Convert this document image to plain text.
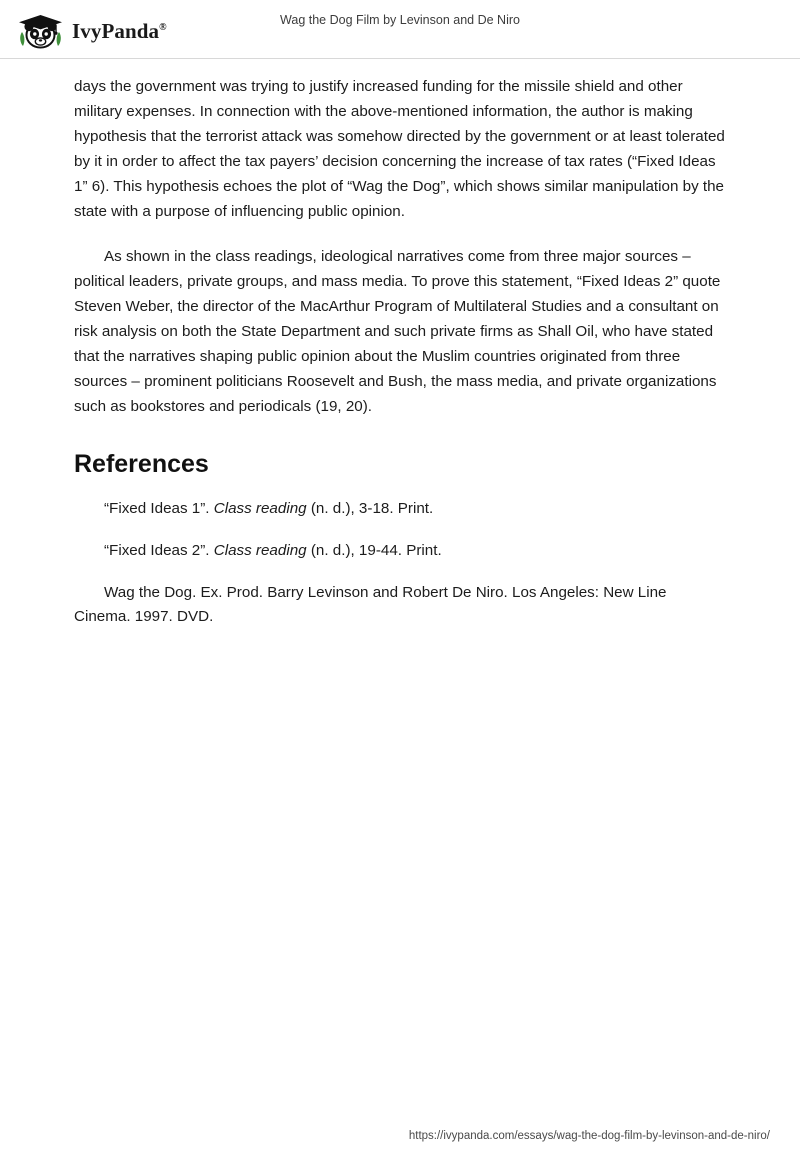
IvyPanda®	Wag the Dog Film by Levinson and De Niro

days the government was trying to justify increased funding for the missile shield and other military expenses. In connection with the above-mentioned information, the author is making hypothesis that the terrorist attack was somehow directed by the government or at least tolerated by it in order to affect the tax payers’ decision concerning the increase of tax rates (“Fixed Ideas 1” 6). This hypothesis echoes the plot of “Wag the Dog”, which shows similar manipulation by the state with a purpose of influencing public opinion.

As shown in the class readings, ideological narratives come from three major sources – political leaders, private groups, and mass media. To prove this statement, “Fixed Ideas 2” quote Steven Weber, the director of the MacArthur Program of Multilateral Studies and a consultant on risk analysis on both the State Department and such private firms as Shall Oil, who have stated that the narratives shaping public opinion about the Muslim countries originated from three sources – prominent politicians Roosevelt and Bush, the mass media, and private organizations such as bookstores and periodicals (19, 20).

References

“Fixed Ideas 1”. Class reading (n. d.), 3-18. Print.

“Fixed Ideas 2”. Class reading (n. d.), 19-44. Print.

Wag the Dog. Ex. Prod. Barry Levinson and Robert De Niro. Los Angeles: New Line Cinema. 1997. DVD.

https://ivypanda.com/essays/wag-the-dog-film-by-levinson-and-de-niro/
